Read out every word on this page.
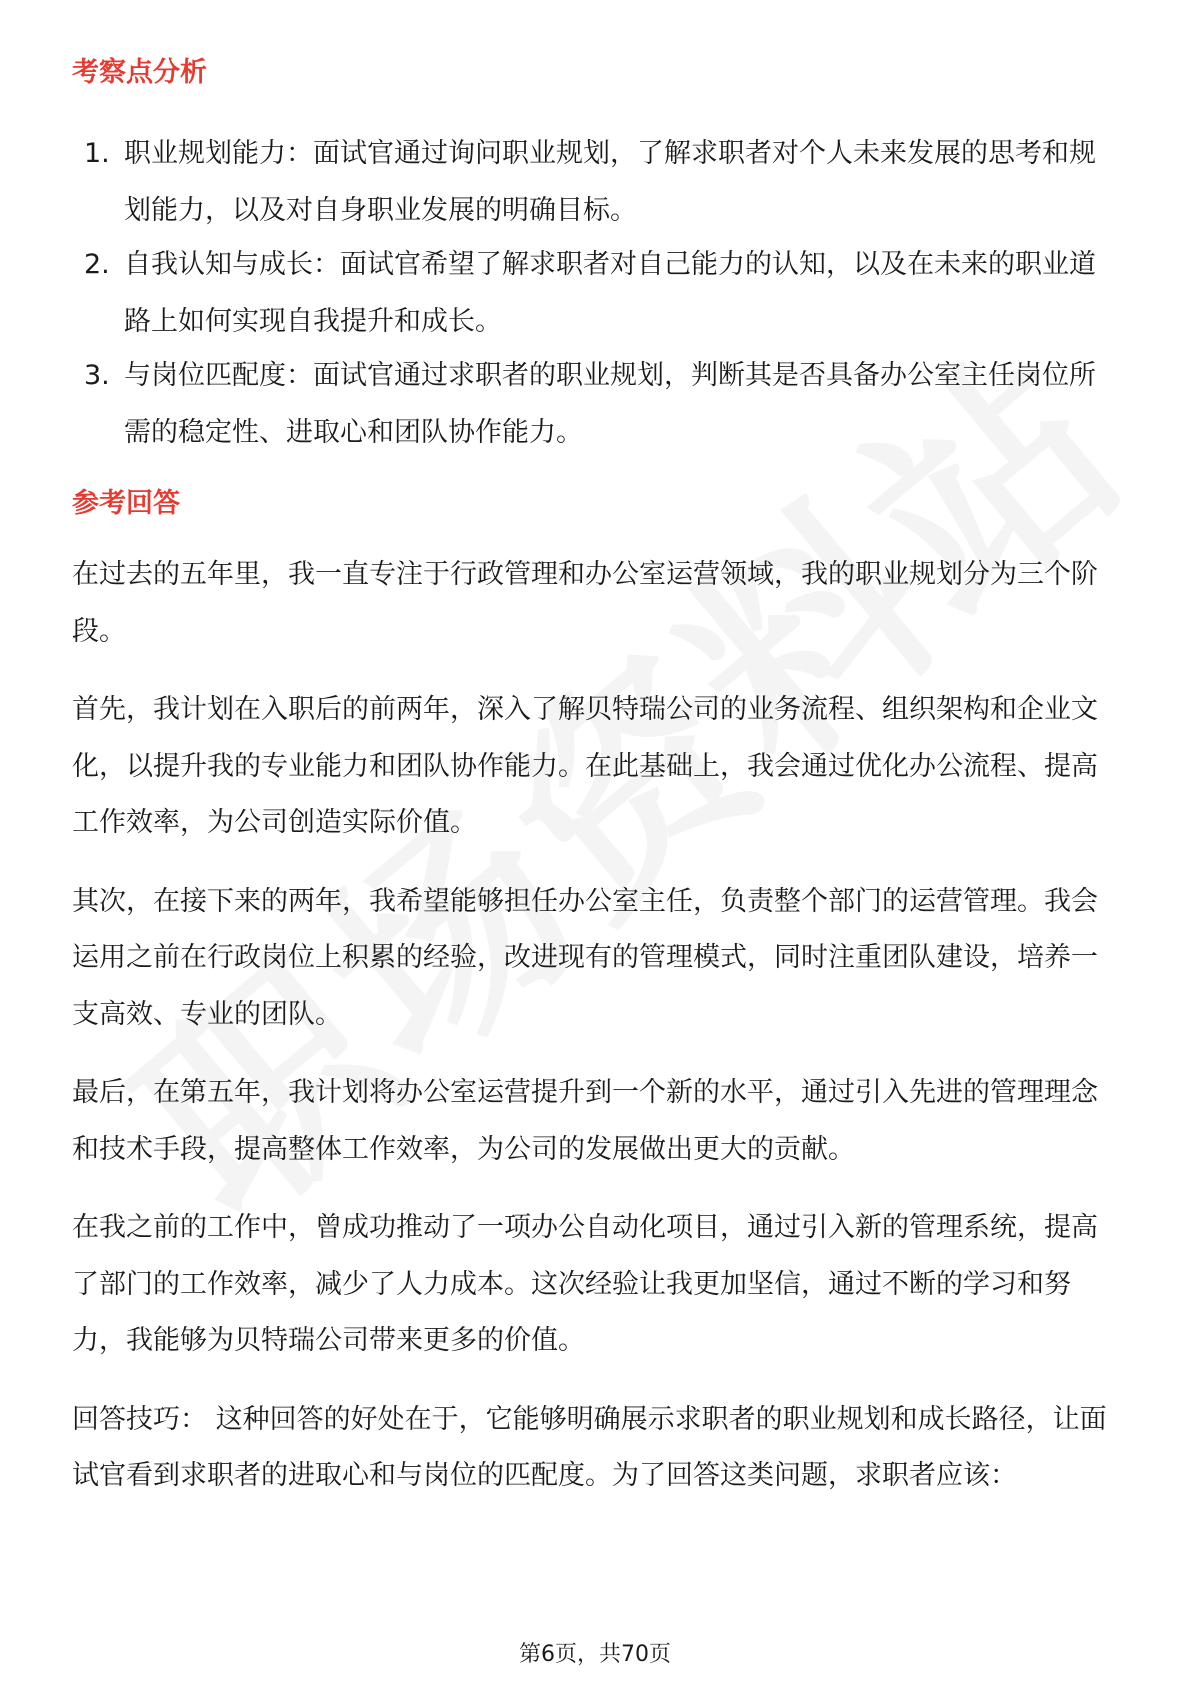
考察点分析
1. 职业规划能力：面试官通过询问职业规划，了解求职者对个人未来发展的思考和规划能力，以及对自身职业发展的明确目标。
2. 自我认知与成长：面试官希望了解求职者对自己能力的认知，以及在未来的职业道路上如何实现自我提升和成长。
3. 与岗位匹配度：面试官通过求职者的职业规划，判断其是否具备办公室主任岗位所需的稳定性、进取心和团队协作能力。
参考回答

在过去的五年里，我一直专注于行政管理和办公室运营领域，我的职业规划分为三个阶段。

首先，我计划在入职后的前两年，深入了解贝特瑞公司的业务流程、组织架构和企业文化，以提升我的专业能力和团队协作能力。在此基础上，我会通过优化办公流程、提高工作效率，为公司创造实际价值。

其次，在接下来的两年，我希望能够担任办公室主任，负责整个部门的运营管理。我会运用之前在行政岗位上积累的经验，改进现有的管理模式，同时注重团队建设，培养一支高效、专业的团队。

最后，在第五年，我计划将办公室运营提升到一个新的水平，通过引入先进的管理理念和技术手段，提高整体工作效率，为公司的发展做出更大的贡献。

在我之前的工作中，曾成功推动了一项办公自动化项目，通过引入新的管理系统，提高了部门的工作效率，减少了人力成本。这次经验让我更加坚信，通过不断的学习和努力，我能够为贝特瑞公司带来更多的价值。

回答技巧： 这种回答的好处在于，它能够明确展示求职者的职业规划和成长路径，让面试官看到求职者的进取心和与岗位的匹配度。为了回答这类问题，求职者应该：

第6页，共70页
